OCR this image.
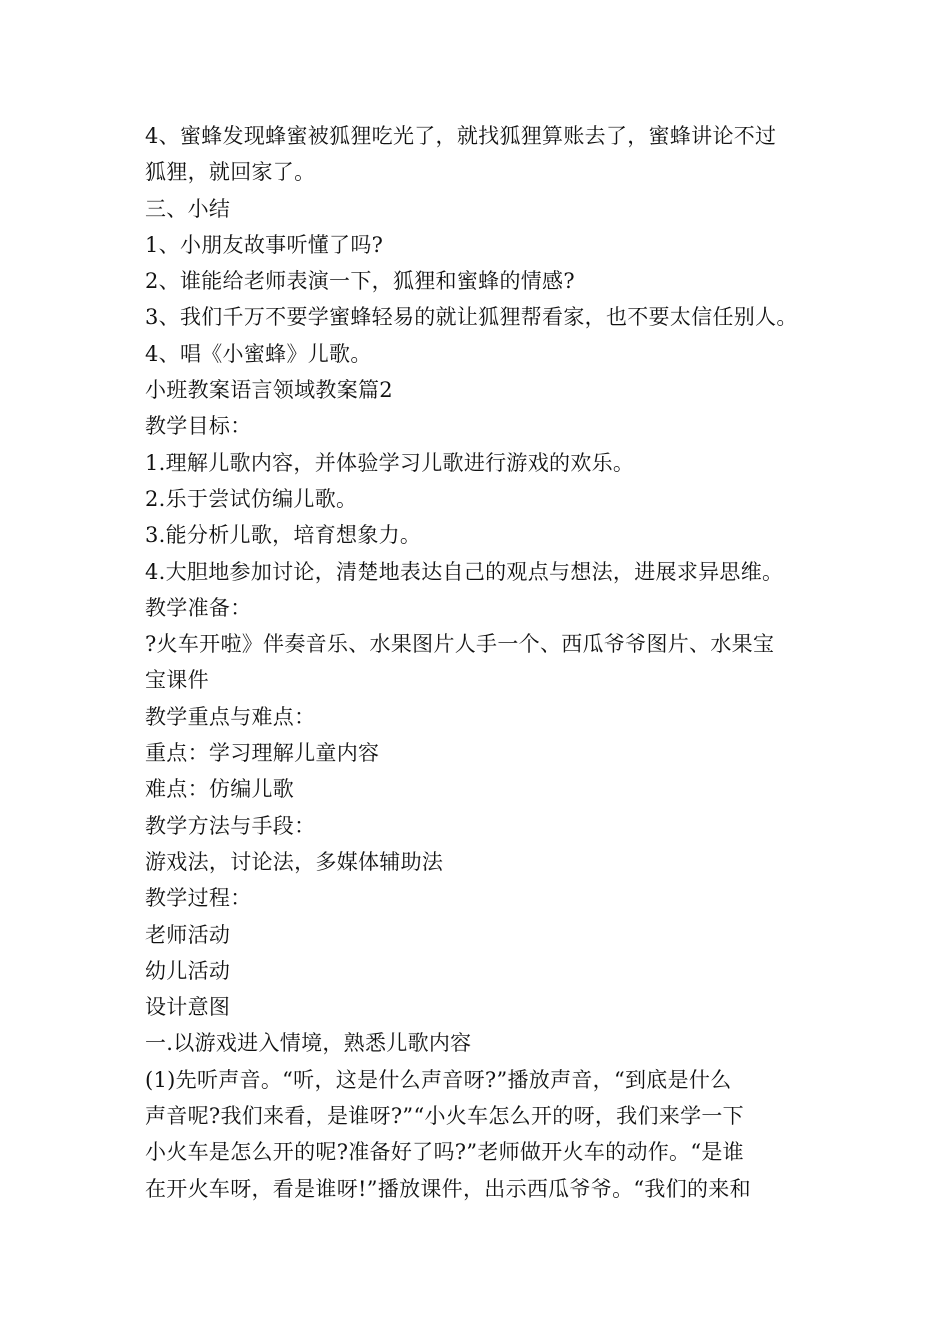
4、蜜蜂发现蜂蜜被狐狸吃光了，就找狐狸算账去了，蜜蜂讲论不过
狐狸，就回家了。
三、小结
1、小朋友故事听懂了吗?
2、谁能给老师表演一下，狐狸和蜜蜂的情感?
3、我们千万不要学蜜蜂轻易的就让狐狸帮看家，也不要太信任别人。
4、唱《小蜜蜂》儿歌。
小班教案语言领域教案篇2
教学目标：
1.理解儿歌内容，并体验学习儿歌进行游戏的欢乐。
2.乐于尝试仿编儿歌。
3.能分析儿歌，培育想象力。
4.大胆地参加讨论，清楚地表达自己的观点与想法，进展求异思维。
教学准备：
?火车开啦》伴奏音乐、水果图片人手一个、西瓜爷爷图片、水果宝
宝课件
教学重点与难点：
重点：学习理解儿童内容
难点：仿编儿歌
教学方法与手段：
游戏法，讨论法，多媒体辅助法
教学过程：
老师活动
幼儿活动
设计意图
一.以游戏进入情境，熟悉儿歌内容
(1)先听声音。“听，这是什么声音呀?”播放声音，“到底是什么
声音呢?我们来看，是谁呀?”“小火车怎么开的呀，我们来学一下
小火车是怎么开的呢?准备好了吗?”老师做开火车的动作。“是谁
在开火车呀，看是谁呀!”播放课件，出示西瓜爷爷。“我们的来和
